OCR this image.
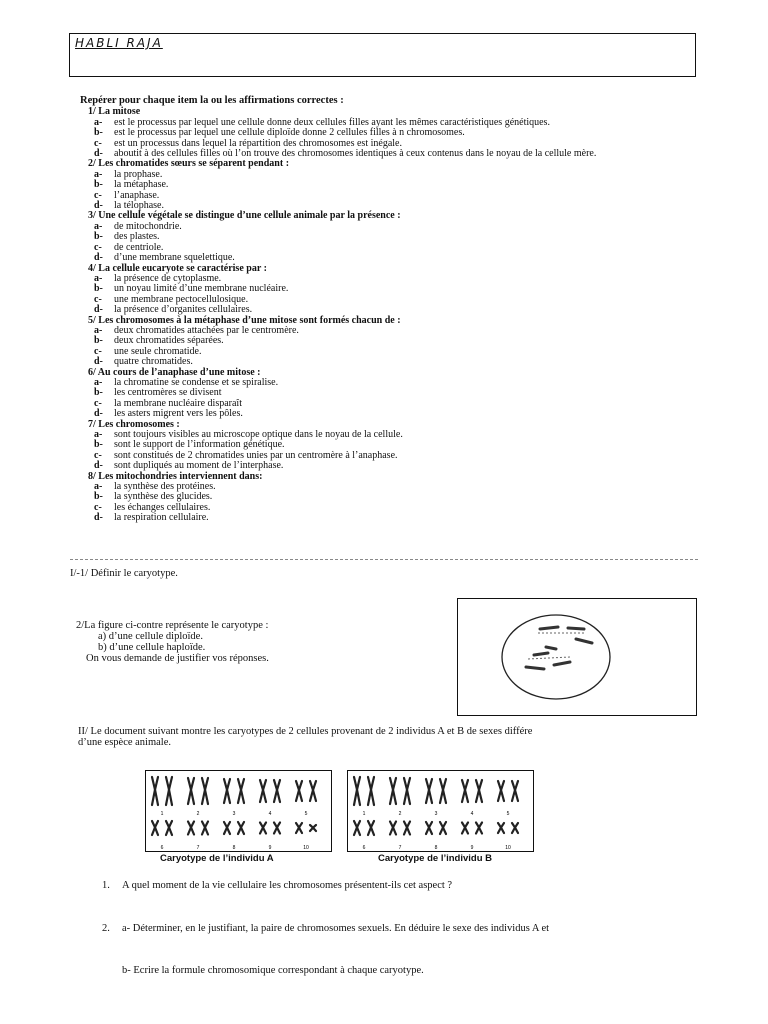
HABLI RAJA
Repérer pour chaque item la ou les affirmations correctes :
1/ La mitose
a-	est le processus par lequel une cellule donne deux cellules filles ayant les mêmes caractéristiques génétiques.
b-	est le processus par lequel une cellule diploïde donne 2 cellules filles à n chromosomes.
c-	est un processus dans lequel la répartition des chromosomes est inégale.
d-	aboutit à des cellules filles où l’on trouve des chromosomes identiques à ceux contenus dans le noyau de la cellule mère.
2/ Les chromatides sœurs se séparent pendant :
a-	la prophase.
b-	la métaphase.
c-	l’anaphase.
d-	la télophase.
3/ Une cellule végétale se distingue d’une cellule animale par la présence :
a-	de mitochondrie.
b-	des plastes.
c-	de centriole.
d-	d’une membrane squelettique.
4/ La cellule eucaryote se caractérise par :
a-	la présence de cytoplasme.
b-	un noyau limité d’une membrane nucléaire.
c-	une membrane pectocellulosique.
d-	la présence d’organites cellulaires.
5/ Les chromosomes à la métaphase d’une mitose sont formés chacun de :
a-	deux chromatides attachées par le centromère.
b-	deux chromatides séparées.
c-	une seule chromatide.
d-	quatre chromatides.
6/ Au cours de l’anaphase d’une mitose :
a-	la chromatine se condense et se spiralise.
b-	les centromères se divisent
c-	la membrane nucléaire disparaît
d-	les asters migrent vers les pôles.
7/ Les chromosomes :
a-	sont toujours visibles au microscope optique dans le noyau de la cellule.
b-	sont le support de l’information génétique.
c-	sont constitués de 2 chromatides unies par un centromère à l’anaphase.
d-	sont dupliqués au moment de l’interphase.
8/ Les mitochondries interviennent dans:
a-	la synthèse des protéines.
b-	la synthèse des glucides.
c-	les échanges cellulaires.
d-	la respiration cellulaire.
I/-1/ Définir le caryotype.
2/La figure ci-contre représente le caryotype :
a) d’une cellule diploïde.
b) d’une cellule haploïde.
On vous demande de justifier vos réponses.
II/ Le document suivant montre les caryotypes de 2 cellules provenant de 2 individus A et B de sexes différe
d’une espèce animale.
1	2	3	4	5
6	7	8	9	10
1	2	3	4	5
6	7	8	9	10
Caryotype de l’individu A	Caryotype de l’individu B
1. A quel moment de la vie cellulaire les chromosomes présentent-ils cet aspect ?
2. a- Déterminer, en le justifiant, la paire de chromosomes sexuels. En déduire le sexe des individus A et
b- Ecrire la formule chromosomique correspondant à chaque caryotype.
